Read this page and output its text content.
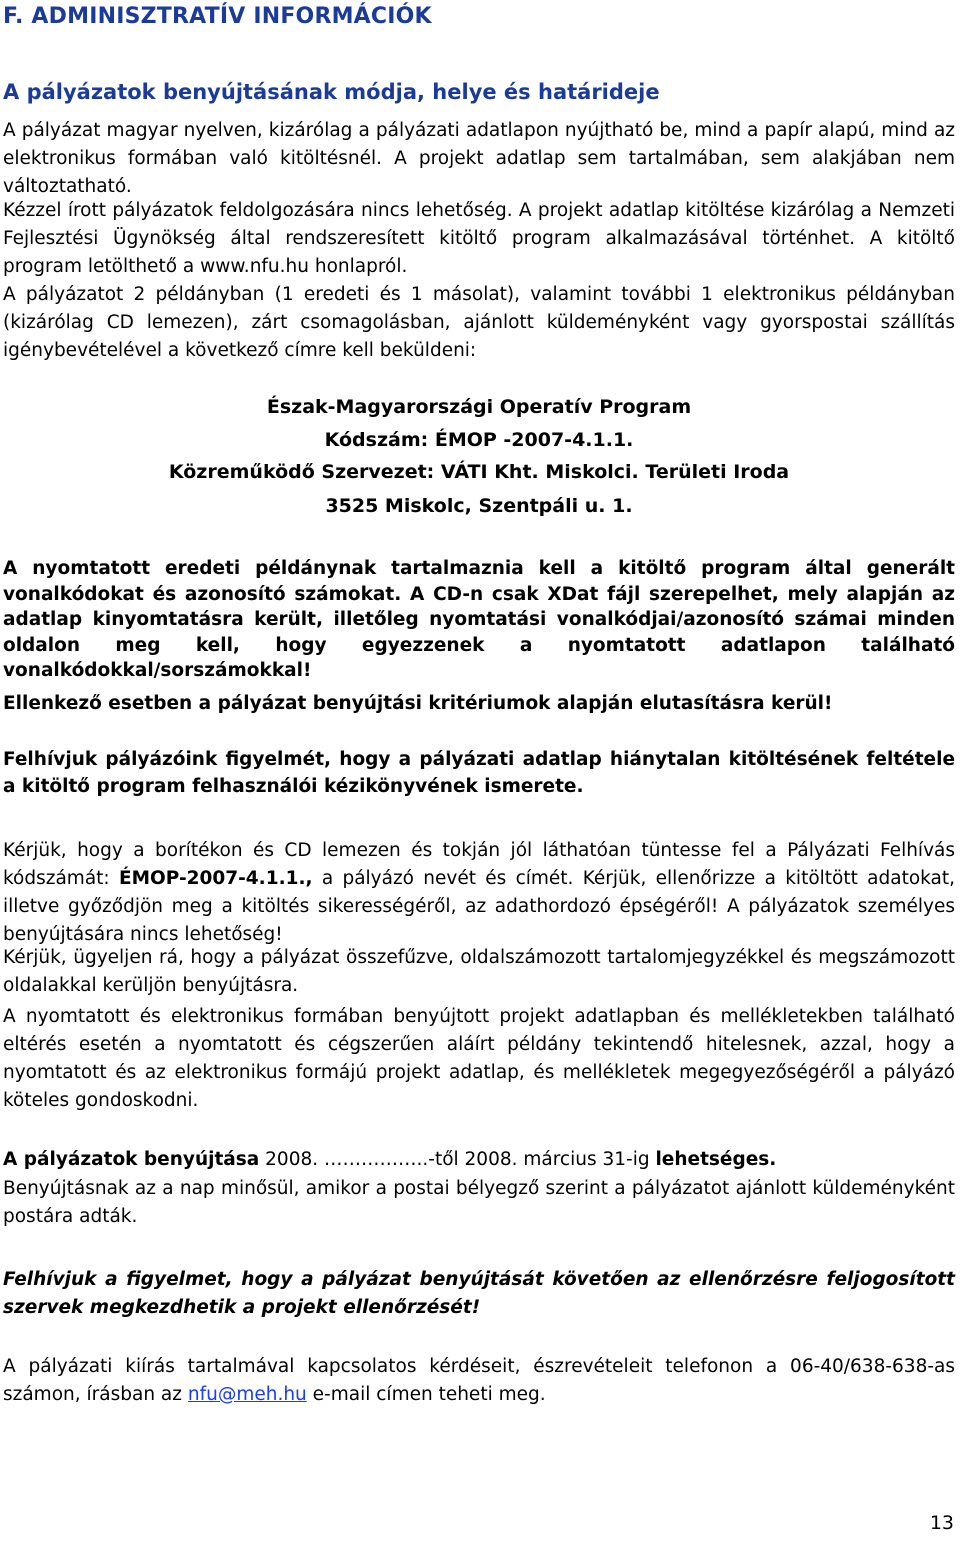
F. ADMINISZTRATÍV INFORMÁCIÓK
A pályázatok benyújtásának módja, helye és határideje

A pályázat magyar nyelven, kizárólag a pályázati adatlapon nyújtható be, mind a papír alapú, mind az elektronikus formában való kitöltésnél. A projekt adatlap sem tartalmában, sem alakjában nem változtatható.

Kézzel írott pályázatok feldolgozására nincs lehetőség. A projekt adatlap kitöltése kizárólag a Nemzeti Fejlesztési Ügynökség által rendszeresített kitöltő program alkalmazásával történhet. A kitöltő program letölthető a www.nfu.hu honlapról.

A pályázatot 2 példányban (1 eredeti és 1 másolat), valamint további 1 elektronikus példányban (kizárólag CD lemezen), zárt csomagolásban, ajánlott küldeményként vagy gyorspostai szállítás igénybevételével a következő címre kell beküldeni:

Észak-Magyarországi Operatív Program
Kódszám: ÉMOP -2007-4.1.1.
Közreműködő Szervezet: VÁTI Kht. Miskolci. Területi Iroda
3525 Miskolc, Szentpáli u. 1.

A nyomtatott eredeti példánynak tartalmaznia kell a kitöltő program által generált vonalkódokat és azonosító számokat. A CD-n csak XDat fájl szerepelhet, mely alapján az adatlap kinyomtatásra került, illetőleg nyomtatási vonalkódjai/azonosító számai minden oldalon meg kell, hogy egyezzenek a nyomtatott adatlapon található vonalkódokkal/sorszámokkal!

Ellenkező esetben a pályázat benyújtási kritériumok alapján elutasításra kerül!

Felhívjuk pályázóink figyelmét, hogy a pályázati adatlap hiánytalan kitöltésének feltétele a kitöltő program felhasználói kézikönyvének ismerete.

Kérjük, hogy a borítékon és CD lemezen és tokján jól láthatóan tüntesse fel a Pályázati Felhívás kódszámát: ÉMOP-2007-4.1.1., a pályázó nevét és címét. Kérjük, ellenőrizze a kitöltött adatokat, illetve győződjön meg a kitöltés sikerességéről, az adathordozó épségéről! A pályázatok személyes benyújtására nincs lehetőség!

Kérjük, ügyeljen rá, hogy a pályázat összefűzve, oldalszámozott tartalomjegyzékkel és megszámozott oldalakkal kerüljön benyújtásra.

A nyomtatott és elektronikus formában benyújtott projekt adatlapban és mellékletekben található eltérés esetén a nyomtatott és cégszerűen aláírt példány tekintendő hitelesnek, azzal, hogy a nyomtatott és az elektronikus formájú projekt adatlap, és mellékletek megegyezőségéről a pályázó köteles gondoskodni.

A pályázatok benyújtása 2008. ……………..-től 2008. március 31-ig lehetséges.

Benyújtásnak az a nap minősül, amikor a postai bélyegző szerint a pályázatot ajánlott küldeményként postára adták.

Felhívjuk a figyelmet, hogy a pályázat benyújtását követően az ellenőrzésre feljogosított szervek megkezdhetik a projekt ellenőrzését!

A pályázati kiírás tartalmával kapcsolatos kérdéseit, észrevételeit telefonon a 06-40/638-638-as számon, írásban az nfu@meh.hu e-mail címen teheti meg.

13
